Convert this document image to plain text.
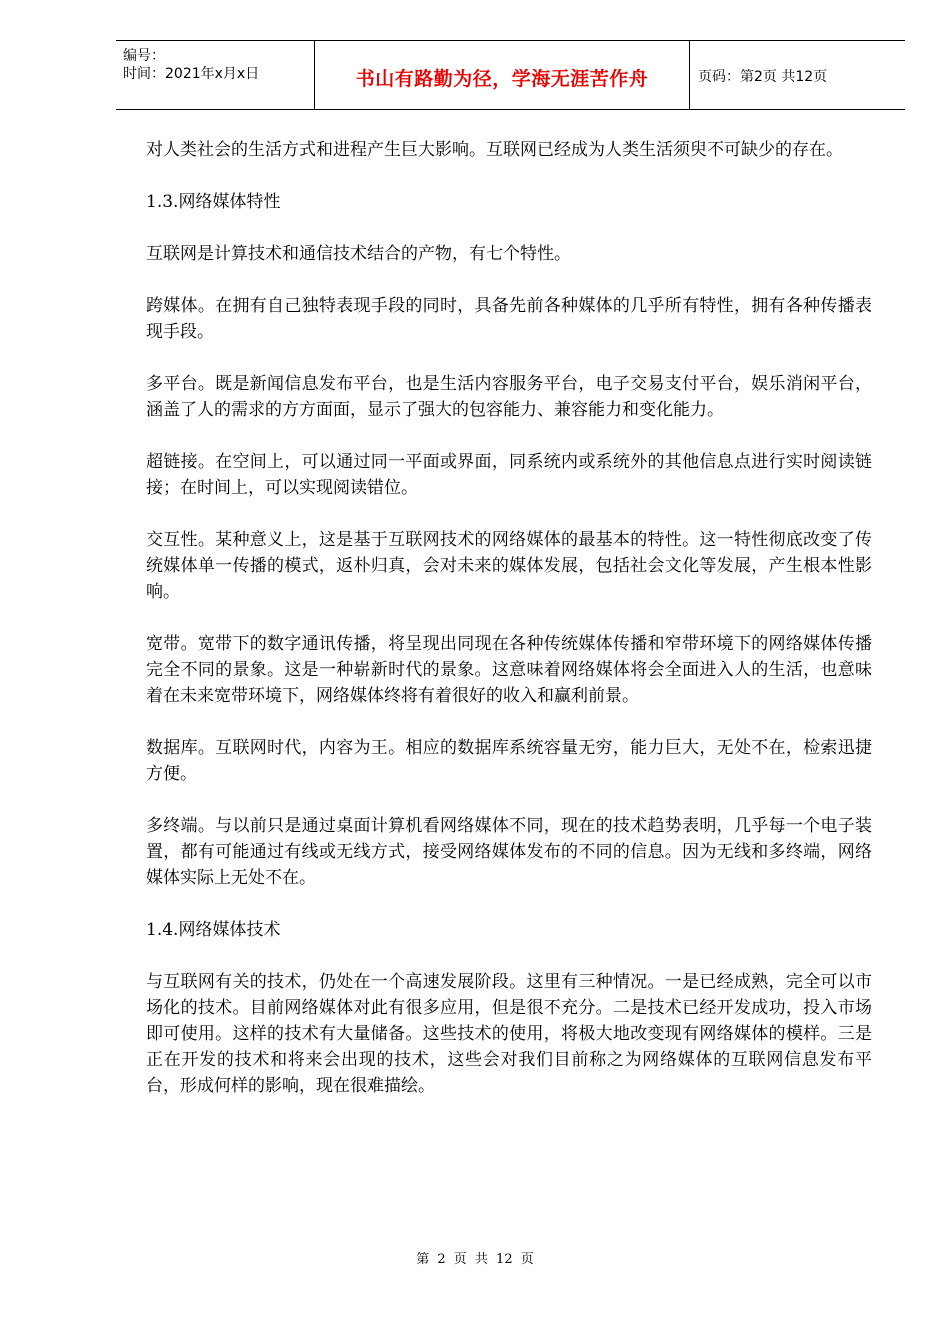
编号：
时间：2021年x月x日	书山有路勤为径，学海无涯苦作舟	页码：第2页 共12页

对人类社会的生活方式和进程产生巨大影响。互联网已经成为人类生活须臾不可缺少的存在。

1.3.网络媒体特性

互联网是计算技术和通信技术结合的产物，有七个特性。

跨媒体。在拥有自己独特表现手段的同时，具备先前各种媒体的几乎所有特性，拥有各种传播表现手段。

多平台。既是新闻信息发布平台，也是生活内容服务平台，电子交易支付平台，娱乐消闲平台，涵盖了人的需求的方方面面，显示了强大的包容能力、兼容能力和变化能力。

超链接。在空间上，可以通过同一平面或界面，同系统内或系统外的其他信息点进行实时阅读链接；在时间上，可以实现阅读错位。

交互性。某种意义上，这是基于互联网技术的网络媒体的最基本的特性。这一特性彻底改变了传统媒体单一传播的模式，返朴归真，会对未来的媒体发展，包括社会文化等发展，产生根本性影响。

宽带。宽带下的数字通讯传播，将呈现出同现在各种传统媒体传播和窄带环境下的网络媒体传播完全不同的景象。这是一种崭新时代的景象。这意味着网络媒体将会全面进入人的生活，也意味着在未来宽带环境下，网络媒体终将有着很好的收入和赢利前景。

数据库。互联网时代，内容为王。相应的数据库系统容量无穷，能力巨大，无处不在，检索迅捷方便。

多终端。与以前只是通过桌面计算机看网络媒体不同，现在的技术趋势表明，几乎每一个电子装置，都有可能通过有线或无线方式，接受网络媒体发布的不同的信息。因为无线和多终端，网络媒体实际上无处不在。

1.4.网络媒体技术

与互联网有关的技术，仍处在一个高速发展阶段。这里有三种情况。一是已经成熟，完全可以市场化的技术。目前网络媒体对此有很多应用，但是很不充分。二是技术已经开发成功，投入市场即可使用。这样的技术有大量储备。这些技术的使用，将极大地改变现有网络媒体的模样。三是正在开发的技术和将来会出现的技术，这些会对我们目前称之为网络媒体的互联网信息发布平台，形成何样的影响，现在很难描绘。

第 2 页 共 12 页
